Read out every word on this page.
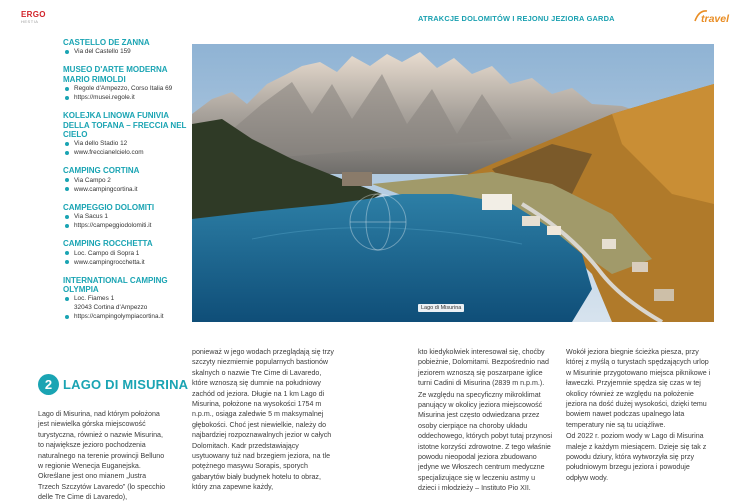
ERGO
HESTIA	ATRAKCJE DOLOMITÓW I REJONU JEZIORA GARDA	travel
CASTELLO DE ZANNA
Via del Castello 159
MUSEO D'ARTE MODERNA MARIO RIMOLDI
Regole d'Ampezzo, Corso Italia 69
https://musei.regole.it
KOLEJKA LINOWA FUNIVIA DELLA TOFANA – FRECCIA NEL CIELO
Via dello Stadio 12
www.freccianelcielo.com
CAMPING CORTINA
Via Campo 2
www.campingcortina.it
CAMPEGGIO DOLOMITI
Via Sacus 1
https://campeggiodolomiti.it
CAMPING ROCCHETTA
Loc. Campo di Sopra 1
www.campingrocchetta.it
INTERNATIONAL CAMPING OLYMPIA
Loc. Fiames 1
32043 Cortina d'Ampezzo
https://campingolympiacortina.it
Lago di Misurina
2 LAGO DI MISURINA

Lago di Misurina, nad którym położona jest niewielka górska miejscowość turystyczna, również o nazwie Misurina, to największe jezioro pochodzenia naturalnego na terenie prowincji Belluno w regionie Wenecja Euganejska. Określane jest ono mianem „lustra Trzech Szczytów Lavaredo” (lo specchio delle Tre Cime di Lavaredo),

ponieważ w jego wodach przeglądają się trzy szczyty niezmiernie popularnych bastionów skalnych o nazwie Tre Cime di Lavaredo, które wznoszą się dumnie na południowy zachód od jeziora. Długie na 1 km Lago di Misurina, położone na wysokości 1754 m n.p.m., osiąga zaledwie 5 m maksymalnej głębokości. Choć jest niewielkie, należy do najbardziej rozpoznawalnych jezior w całych Dolomitach. Kadr przedstawiający usytuowany tuż nad brzegiem jeziora, na tle potężnego masywu Sorapis, sporych gabarytów biały budynek hotelu to obraz, który zna zapewne każdy,

kto kiedykolwiek interesował się, choćby pobieżnie, Dolomitami. Bezpośrednio nad jeziorem wznoszą się poszarpane iglice turni Cadini di Misurina (2839 m n.p.m.).

Ze względu na specyficzny mikroklimat panujący w okolicy jeziora miejscowość Misurina jest często odwiedzana przez osoby cierpiące na choroby układu oddechowego, których pobyt tutaj przynosi istotne korzyści zdrowotne. Z tego właśnie powodu nieopodal jeziora zbudowano jedyne we Włoszech centrum medyczne specjalizujące się w leczeniu astmy u dzieci i młodzieży – Instituto Pio XII.

Wokół jeziora biegnie ścieżka piesza, przy której z myślą o turystach spędzających urlop w Misurinie przygotowano miejsca piknikowe i ławeczki. Przyjemnie spędza się czas w tej okolicy również ze względu na położenie jeziora na dość dużej wysokości, dzięki temu bowiem nawet podczas upalnego lata temperatury nie są tu uciążliwe.

Od 2022 r. poziom wody w Lago di Misurina maleje z każdym miesiącem. Dzieje się tak z powodu dziury, która wytworzyła się przy południowym brzegu jeziora i powoduje odpływ wody.
